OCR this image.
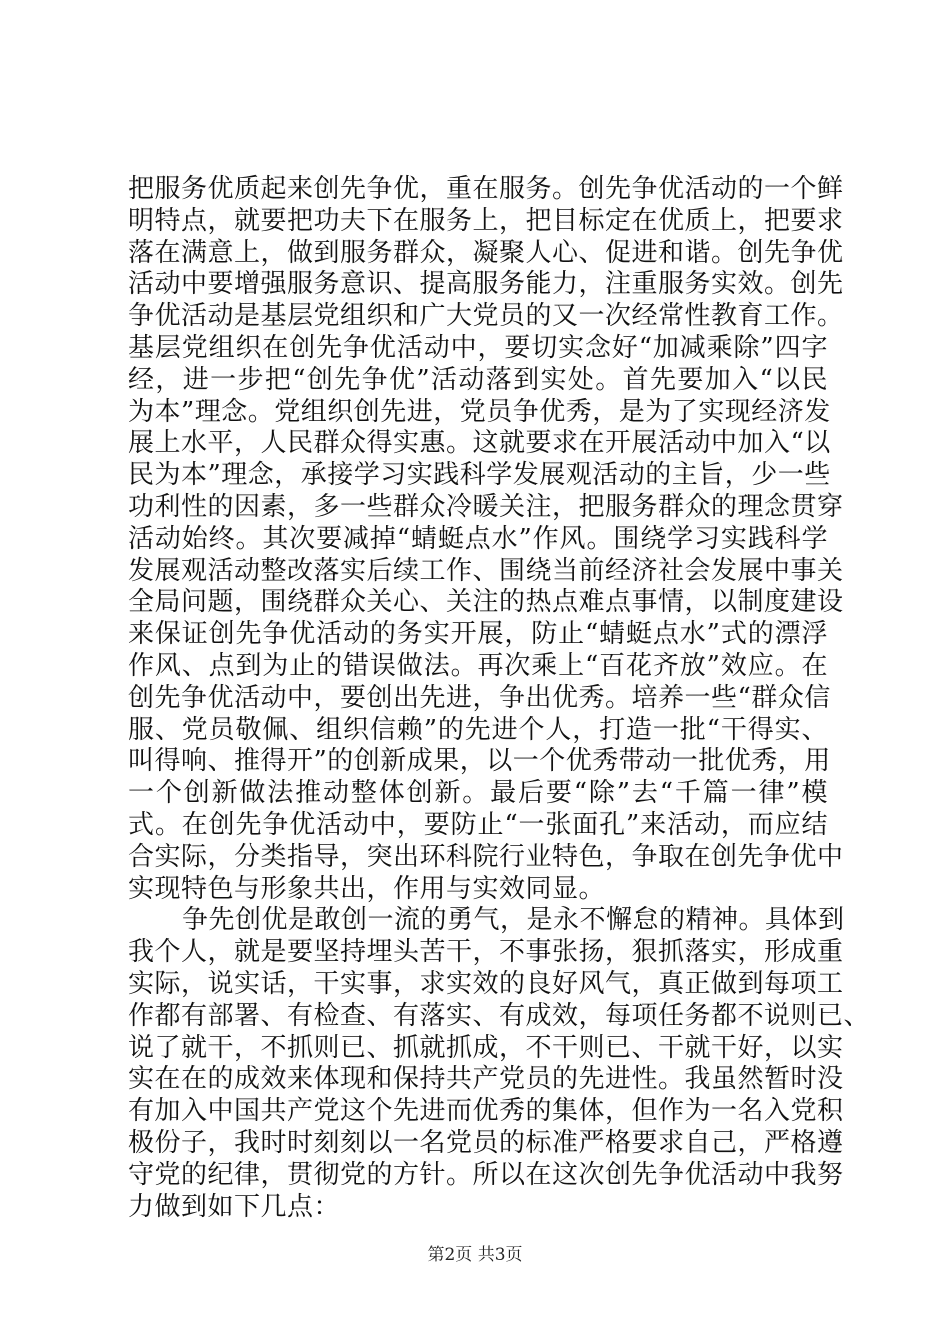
把服务优质起来创先争优，重在服务。创先争优活动的一个鲜
明特点，就要把功夫下在服务上，把目标定在优质上，把要求
落在满意上，做到服务群众，凝聚人心、促进和谐。创先争优
活动中要增强服务意识、提高服务能力，注重服务实效。创先
争优活动是基层党组织和广大党员的又一次经常性教育工作。
基层党组织在创先争优活动中，要切实念好“加减乘除”四字
经，进一步把“创先争优”活动落到实处。首先要加入“以民
为本”理念。党组织创先进，党员争优秀，是为了实现经济发
展上水平，人民群众得实惠。这就要求在开展活动中加入“以
民为本”理念，承接学习实践科学发展观活动的主旨，少一些
功利性的因素，多一些群众冷暖关注，把服务群众的理念贯穿
活动始终。其次要减掉“蜻蜓点水”作风。围绕学习实践科学
发展观活动整改落实后续工作、围绕当前经济社会发展中事关
全局问题，围绕群众关心、关注的热点难点事情，以制度建设
来保证创先争优活动的务实开展，防止“蜻蜓点水”式的漂浮
作风、点到为止的错误做法。再次乘上“百花齐放”效应。在
创先争优活动中，要创出先进，争出优秀。培养一些“群众信
服、党员敬佩、组织信赖”的先进个人，打造一批“干得实、
叫得响、推得开”的创新成果，以一个优秀带动一批优秀，用
一个创新做法推动整体创新。最后要“除”去“千篇一律”模
式。在创先争优活动中，要防止“一张面孔”来活动，而应结
合实际，分类指导，突出环科院行业特色，争取在创先争优中
实现特色与形象共出，作用与实效同显。
争先创优是敢创一流的勇气，是永不懈怠的精神。具体到
我个人，就是要坚持埋头苦干，不事张扬，狠抓落实，形成重
实际，说实话，干实事，求实效的良好风气，真正做到每项工
作都有部署、有检查、有落实、有成效，每项任务都不说则已、
说了就干，不抓则已、抓就抓成，不干则已、干就干好，以实
实在在的成效来体现和保持共产党员的先进性。我虽然暂时没
有加入中国共产党这个先进而优秀的集体，但作为一名入党积
极份子，我时时刻刻以一名党员的标准严格要求自己，严格遵
守党的纪律，贯彻党的方针。所以在这次创先争优活动中我努
力做到如下几点：
第2页 共3页
